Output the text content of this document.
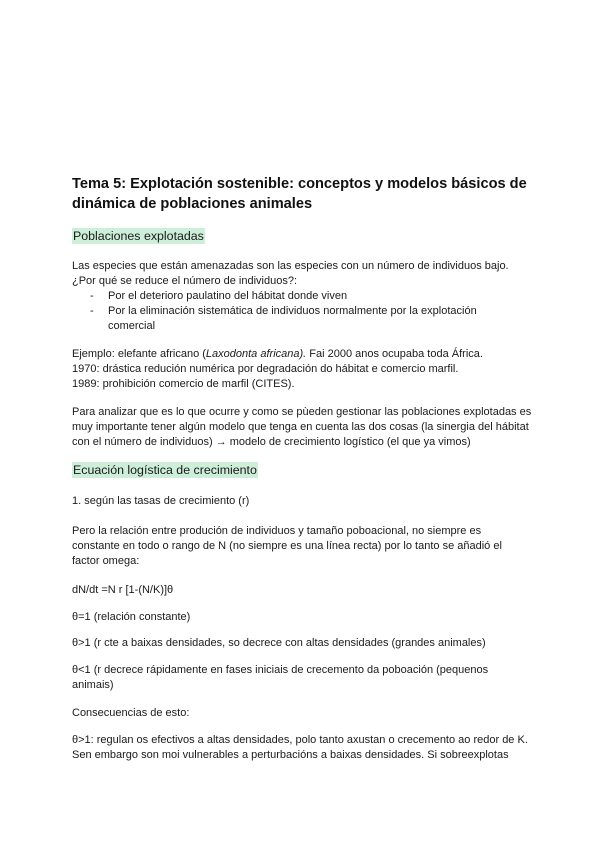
Tema 5: Explotación sostenible: conceptos y modelos básicos de dinámica de poblaciones animales
Poblaciones explotadas
Las especies que están amenazadas son las especies con un número de individuos bajo.
¿Por qué se reduce el número de individuos?:
-	Por el deterioro paulatino del hábitat donde viven
-	Por la eliminación sistemática de individuos normalmente por la explotación comercial
Ejemplo: elefante africano (Laxodonta africana). Fai 2000 anos ocupaba toda África.
1970: drástica redución numérica por degradación do hábitat e comercio marfil.
1989: prohibición comercio de marfil (CITES).
Para analizar que es lo que ocurre y como se pùeden gestionar las poblaciones explotadas es muy importante tener algún modelo que tenga en cuenta las dos cosas (la sinergia del hábitat con el número de individuos) → modelo de crecimiento logístico (el que ya vimos)
Ecuación logística de crecimiento
1. según las tasas de crecimiento (r)
Pero la relación entre produción de individuos y tamaño poboacional, no siempre es constante en todo o rango de N (no siempre es una línea recta) por lo tanto se añadió el factor omega:
dN/dt =N r [1-(N/K)]θ
θ=1 (relación constante)
θ>1 (r cte a baixas densidades, so decrece con altas densidades (grandes animales)
θ<1 (r decrece rápidamente en fases iniciais de crecemento da poboación (pequenos animais)
Consecuencias de esto:
θ>1: regulan os efectivos a altas densidades, polo tanto axustan o crecemento ao redor de K. Sen embargo son moi vulnerables a perturbacións a baixas densidades. Si sobreexplotas
